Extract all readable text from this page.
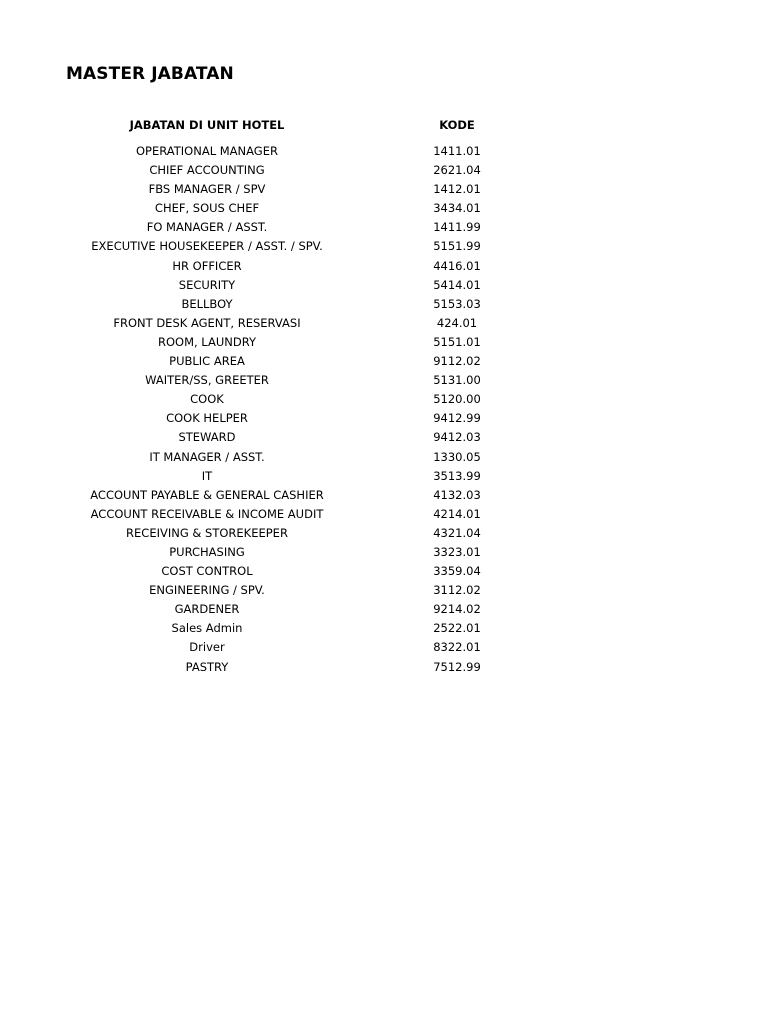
MASTER JABATAN
JABATAN DI UNIT HOTEL	KODE
OPERATIONAL MANAGER	1411.01
CHIEF ACCOUNTING	2621.04
FBS MANAGER / SPV	1412.01
CHEF, SOUS CHEF	3434.01
FO MANAGER / ASST.	1411.99
EXECUTIVE HOUSEKEEPER / ASST. / SPV.	5151.99
HR OFFICER	4416.01
SECURITY	5414.01
BELLBOY	5153.03
FRONT DESK AGENT, RESERVASI	424.01
ROOM, LAUNDRY	5151.01
PUBLIC AREA	9112.02
WAITER/SS, GREETER	5131.00
COOK	5120.00
COOK HELPER	9412.99
STEWARD	9412.03
IT MANAGER / ASST.	1330.05
IT	3513.99
ACCOUNT PAYABLE & GENERAL CASHIER	4132.03
ACCOUNT RECEIVABLE & INCOME AUDIT	4214.01
RECEIVING & STOREKEEPER	4321.04
PURCHASING	3323.01
COST CONTROL	3359.04
ENGINEERING / SPV.	3112.02
GARDENER	9214.02
Sales Admin	2522.01
Driver	8322.01
PASTRY	7512.99
